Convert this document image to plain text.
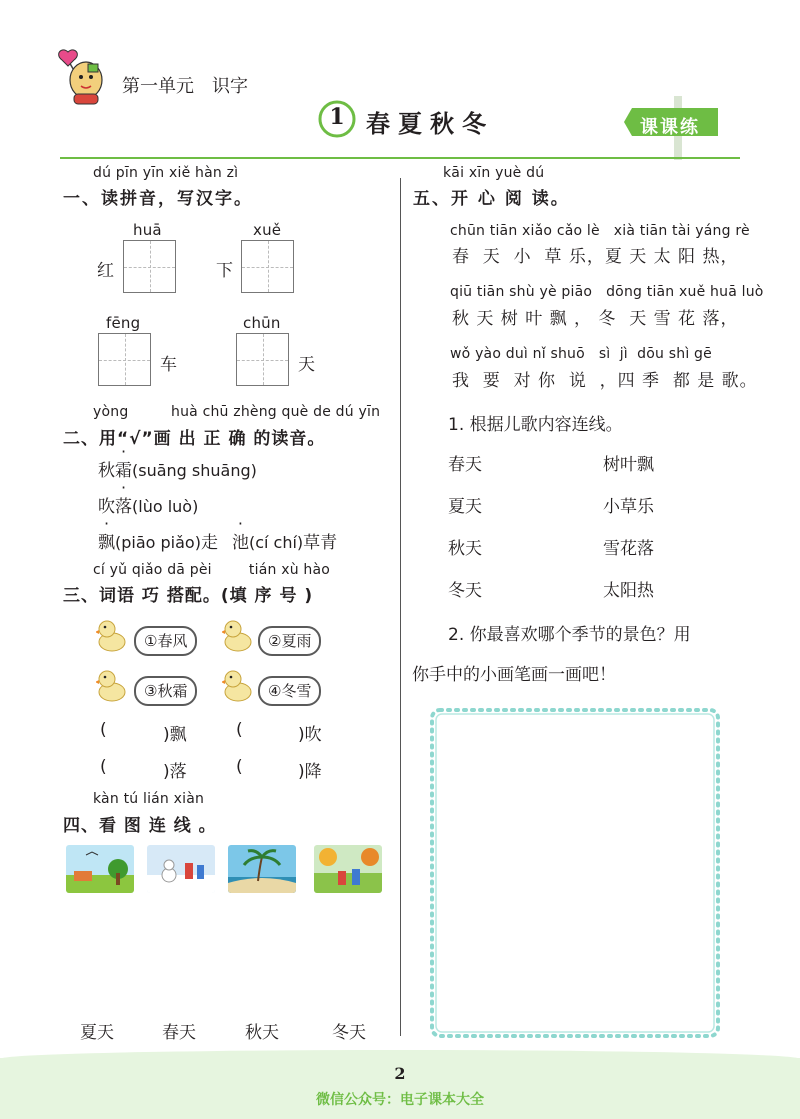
第一单元　识字
1 春夏秋冬	课课练
dú pīn yīn xiě hàn zì
一、读拼音，写汉字。
huā
红
xuě
下
fēng
车
chūn
天
yòng	huà chū zhèng què de dú yīn
二、用“√”画 出 正 确 的读音。
秋霜
(suāng shuāng)
吹落
(lùo luò)
飘
(piāo piǎo)走 池
(cí chí)草青
cí yǔ qiǎo dā pèi        tián xù hào
三、词语 巧 搭配。(填 序 号 )
①春风	②夏雨
③秋霜	④冬雪
(	)飘	(	)吹
(	)落	(	)降
kàn tú lián xiàn
四、看 图 连 线 。
夏天	春天	秋天	冬天
kāi xīn yuè dú
五、开 心 阅 读。
chūn tiān xiǎo cǎo lè   xià tiān tài yáng rè
春  天  小  草 乐，夏 天 太 阳 热，
qiū tiān shù yè piāo   dōng tiān xuě huā luò
秋 天 树 叶 飘 ， 冬  天 雪 花 落，
wǒ yào duì nǐ shuō   sì  jì  dōu shì gē
我  要  对 你  说  ，四 季  都 是 歌。
1. 根据儿歌内容连线。
春天	树叶飘
夏天	小草乐
秋天	雪花落
冬天	太阳热
2. 你最喜欢哪个季节的景色？用
你手中的小画笔画一画吧！
2
微信公众号：电子课本大全
